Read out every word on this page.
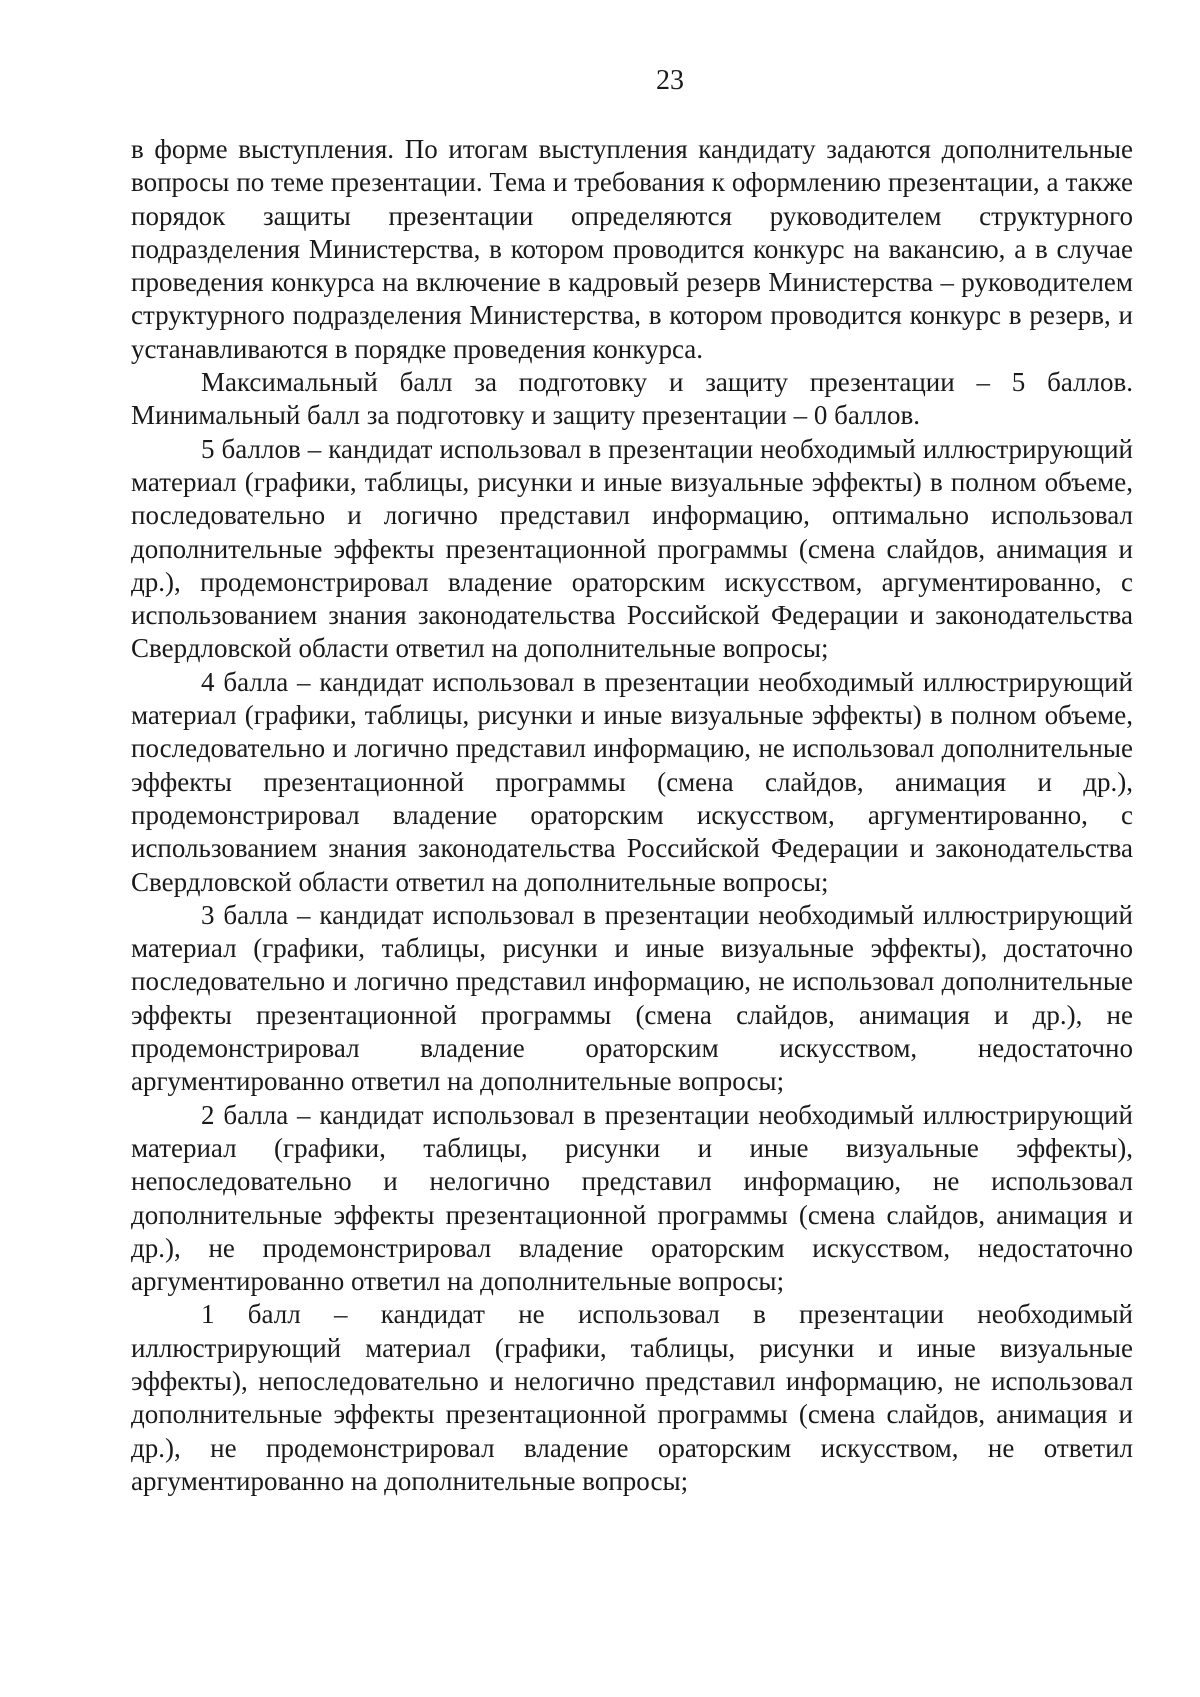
23

в форме выступления. По итогам выступления кандидату задаются дополнительные вопросы по теме презентации. Тема и требования к оформлению презентации, а также порядок защиты презентации определяются руководителем структурного подразделения Министерства, в котором проводится конкурс на вакансию, а в случае проведения конкурса на включение в кадровый резерв Министерства – руководителем структурного подразделения Министерства, в котором проводится конкурс в резерв, и устанавливаются в порядке проведения конкурса.

Максимальный балл за подготовку и защиту презентации – 5 баллов. Минимальный балл за подготовку и защиту презентации – 0 баллов.

5 баллов – кандидат использовал в презентации необходимый иллюстрирующий материал (графики, таблицы, рисунки и иные визуальные эффекты) в полном объеме, последовательно и логично представил информацию, оптимально использовал дополнительные эффекты презентационной программы (смена слайдов, анимация и др.), продемонстрировал владение ораторским искусством, аргументированно, с использованием знания законодательства Российской Федерации и законодательства Свердловской области ответил на дополнительные вопросы;

4 балла – кандидат использовал в презентации необходимый иллюстрирующий материал (графики, таблицы, рисунки и иные визуальные эффекты) в полном объеме, последовательно и логично представил информацию, не использовал дополнительные эффекты презентационной программы (смена слайдов, анимация и др.), продемонстрировал владение ораторским искусством, аргументированно, с использованием знания законодательства Российской Федерации и законодательства Свердловской области ответил на дополнительные вопросы;

3 балла – кандидат использовал в презентации необходимый иллюстрирующий материал (графики, таблицы, рисунки и иные визуальные эффекты), достаточно последовательно и логично представил информацию, не использовал дополнительные эффекты презентационной программы (смена слайдов, анимация и др.), не продемонстрировал владение ораторским искусством, недостаточно аргументированно ответил на дополнительные вопросы;

2 балла – кандидат использовал в презентации необходимый иллюстрирующий материал (графики, таблицы, рисунки и иные визуальные эффекты), непоследовательно и нелогично представил информацию, не использовал дополнительные эффекты презентационной программы (смена слайдов, анимация и др.), не продемонстрировал владение ораторским искусством, недостаточно аргументированно ответил на дополнительные вопросы;

1 балл – кандидат не использовал в презентации необходимый иллюстрирующий материал (графики, таблицы, рисунки и иные визуальные эффекты), непоследовательно и нелогично представил информацию, не использовал дополнительные эффекты презентационной программы (смена слайдов, анимация и др.), не продемонстрировал владение ораторским искусством, не ответил аргументированно на дополнительные вопросы;
